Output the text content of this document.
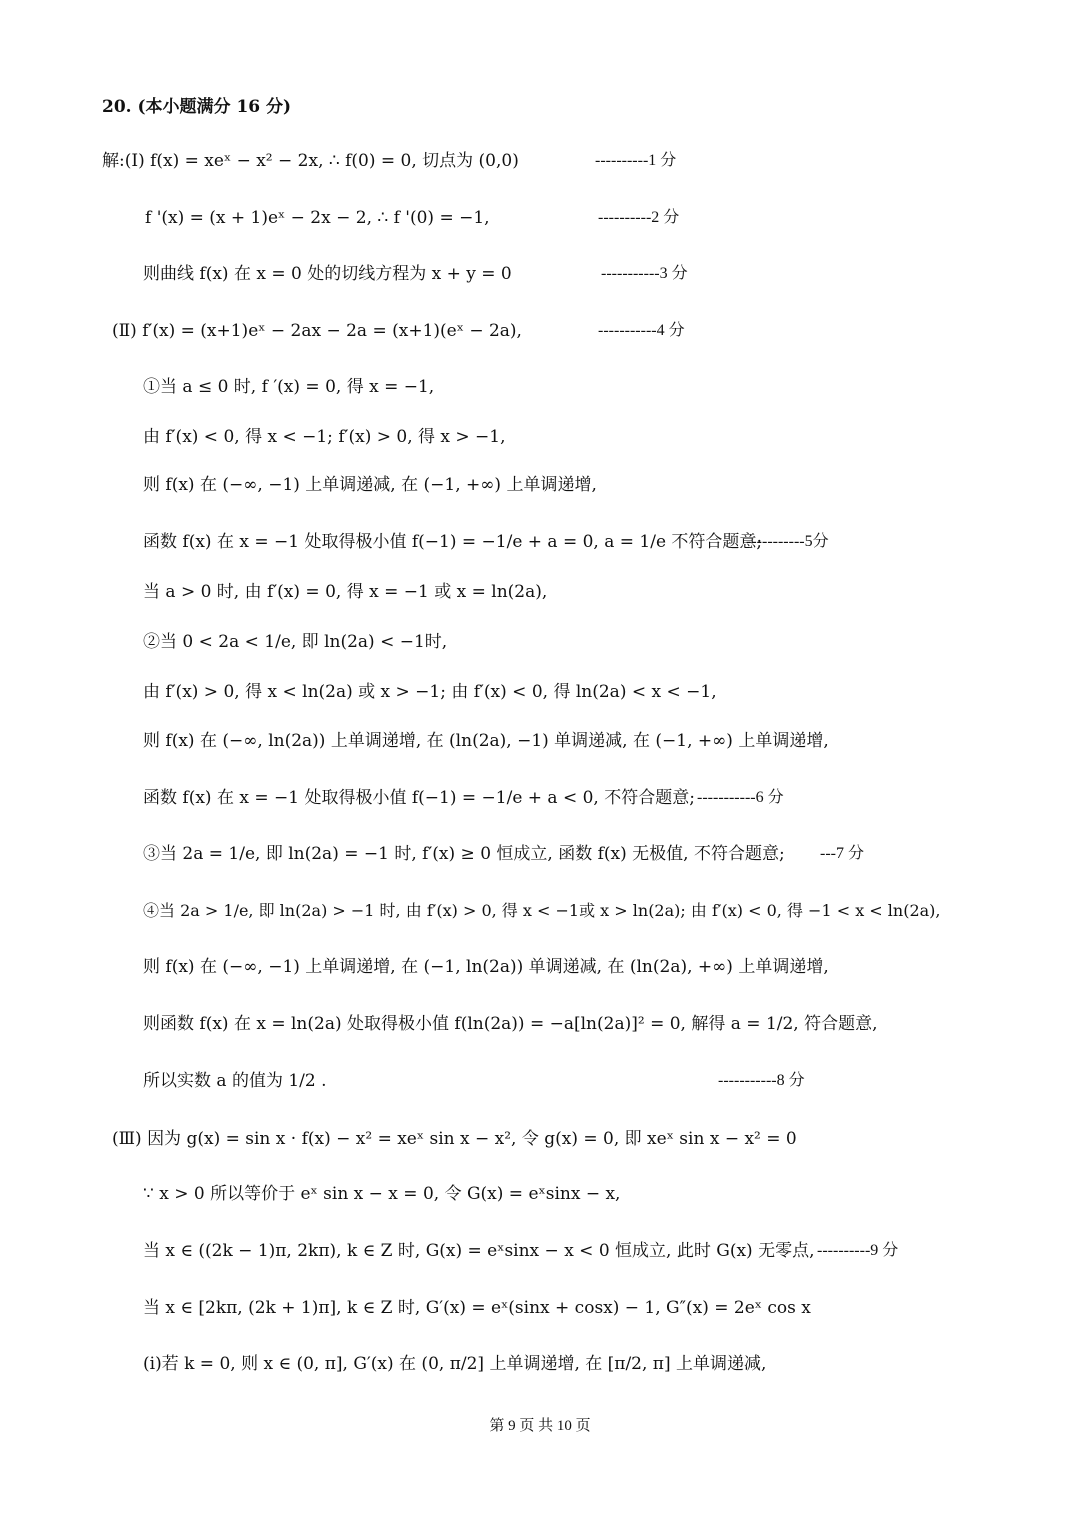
20. (本小题满分 16 分)
解:(Ⅰ) f(x) = xeˣ − x² − 2x, ∴ f(0) = 0, 切点为 (0,0)	----------1 分
f '(x) = (x + 1)eˣ − 2x − 2, ∴ f '(0) = −1,	----------2 分
则曲线 f(x) 在 x = 0 处的切线方程为 x + y = 0	-----------3 分
(Ⅱ) f′(x) = (x+1)eˣ − 2ax − 2a = (x+1)(eˣ − 2a),	-----------4 分
①当 a ≤ 0 时, f ′(x) = 0, 得 x = −1,
由 f′(x) < 0, 得 x < −1; f′(x) > 0, 得 x > −1,
则 f(x) 在 (−∞, −1) 上单调递减, 在 (−1, +∞) 上单调递增,
函数 f(x) 在 x = −1 处取得极小值 f(−1) = −1/e + a = 0, a = 1/e 不符合题意;
-----------5分
当 a > 0 时, 由 f′(x) = 0, 得 x = −1 或 x = ln(2a),
②当 0 < 2a < 1/e, 即 ln(2a) < −1时,
由 f′(x) > 0, 得 x < ln(2a) 或 x > −1; 由 f′(x) < 0, 得 ln(2a) < x < −1,
则 f(x) 在 (−∞, ln(2a)) 上单调递增, 在 (ln(2a), −1) 单调递减, 在 (−1, +∞) 上单调递增,
函数 f(x) 在 x = −1 处取得极小值 f(−1) = −1/e + a < 0, 不符合题意; -----------6 分
③当 2a = 1/e, 即 ln(2a) = −1 时, f′(x) ≥ 0 恒成立, 函数 f(x) 无极值, 不符合题意; ---7 分
④当 2a > 1/e, 即 ln(2a) > −1 时, 由 f′(x) > 0, 得 x < −1或 x > ln(2a); 由 f′(x) < 0, 得 −1 < x < ln(2a),
则 f(x) 在 (−∞, −1) 上单调递增, 在 (−1, ln(2a)) 单调递减, 在 (ln(2a), +∞) 上单调递增,
则函数 f(x) 在 x = ln(2a) 处取得极小值 f(ln(2a)) = −a[ln(2a)]² = 0, 解得 a = 1/2, 符合题意,
所以实数 a 的值为 1/2 .	-----------8 分
(Ⅲ) 因为 g(x) = sin x · f(x) − x² = xeˣ sin x − x², 令 g(x) = 0, 即 xeˣ sin x − x² = 0
∵ x > 0 所以等价于 eˣ sin x − x = 0, 令 G(x) = eˣsinx − x,
当 x ∈ ((2k − 1)π, 2kπ), k ∈ Z 时, G(x) = eˣsinx − x < 0 恒成立, 此时 G(x) 无零点, ----------9 分
当 x ∈ [2kπ, (2k + 1)π], k ∈ Z 时, G′(x) = eˣ(sinx + cosx) − 1, G″(x) = 2eˣ cos x
(i)若 k = 0, 则 x ∈ (0, π], G′(x) 在 (0, π/2] 上单调递增, 在 [π/2, π] 上单调递减,
第 9 页 共 10 页
